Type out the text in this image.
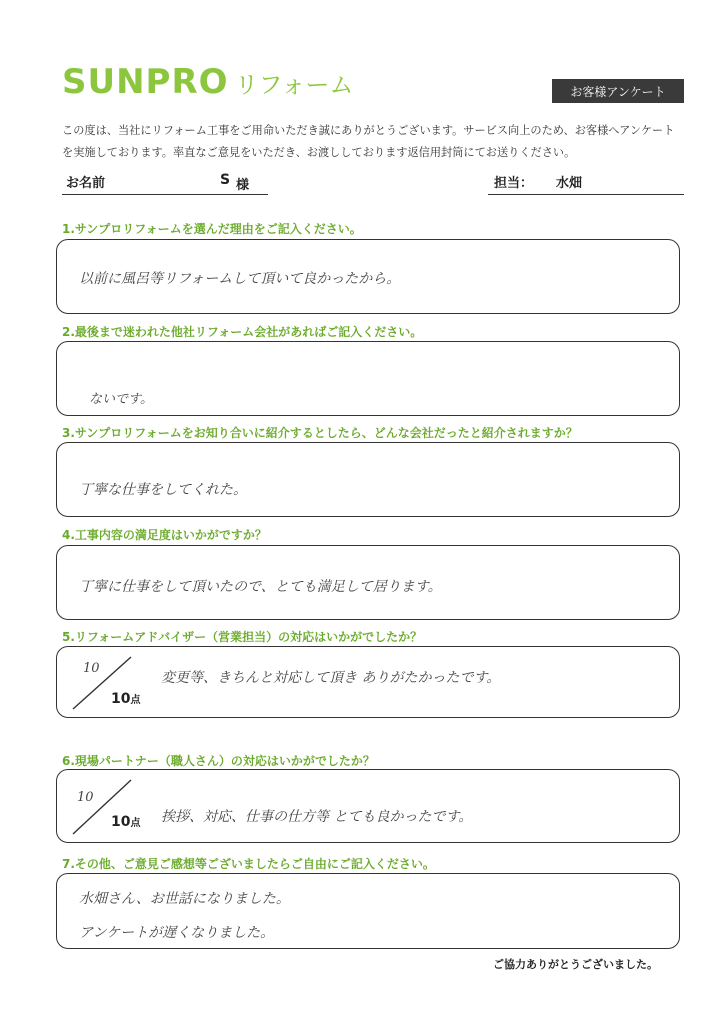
SUNPRO リフォーム	お客様アンケート
この度は、当社にリフォーム工事をご用命いただき誠にありがとうございます。サービス向上のため、お客様へアンケートを実施しております。率直なご意見をいただき、お渡ししております返信用封筒にてお送りください。
お名前	S 様	担当： 水畑
1.サンプロリフォームを選んだ理由をご記入ください。
以前に風呂等リフォームして頂いて良かったから。
2.最後まで迷われた他社リフォーム会社があればご記入ください。
ないです。
3.サンプロリフォームをお知り合いに紹介するとしたら、どんな会社だったと紹介されますか？
丁寧な仕事をしてくれた。
4.工事内容の満足度はいかがですか？
丁寧に仕事をして頂いたので、とても満足して居ります。
5.リフォームアドバイザー（営業担当）の対応はいかがでしたか？
10
10点
変更等、きちんと対応して頂き ありがたかったです。
6.現場パートナー（職人さん）の対応はいかがでしたか？
10
10点 挨拶、対応、仕事の仕方等 とても良かったです。
7.その他、ご意見ご感想等ございましたらご自由にご記入ください。
水畑さん、お世話になりました。
アンケートが遅くなりました。
ご協力ありがとうございました。
